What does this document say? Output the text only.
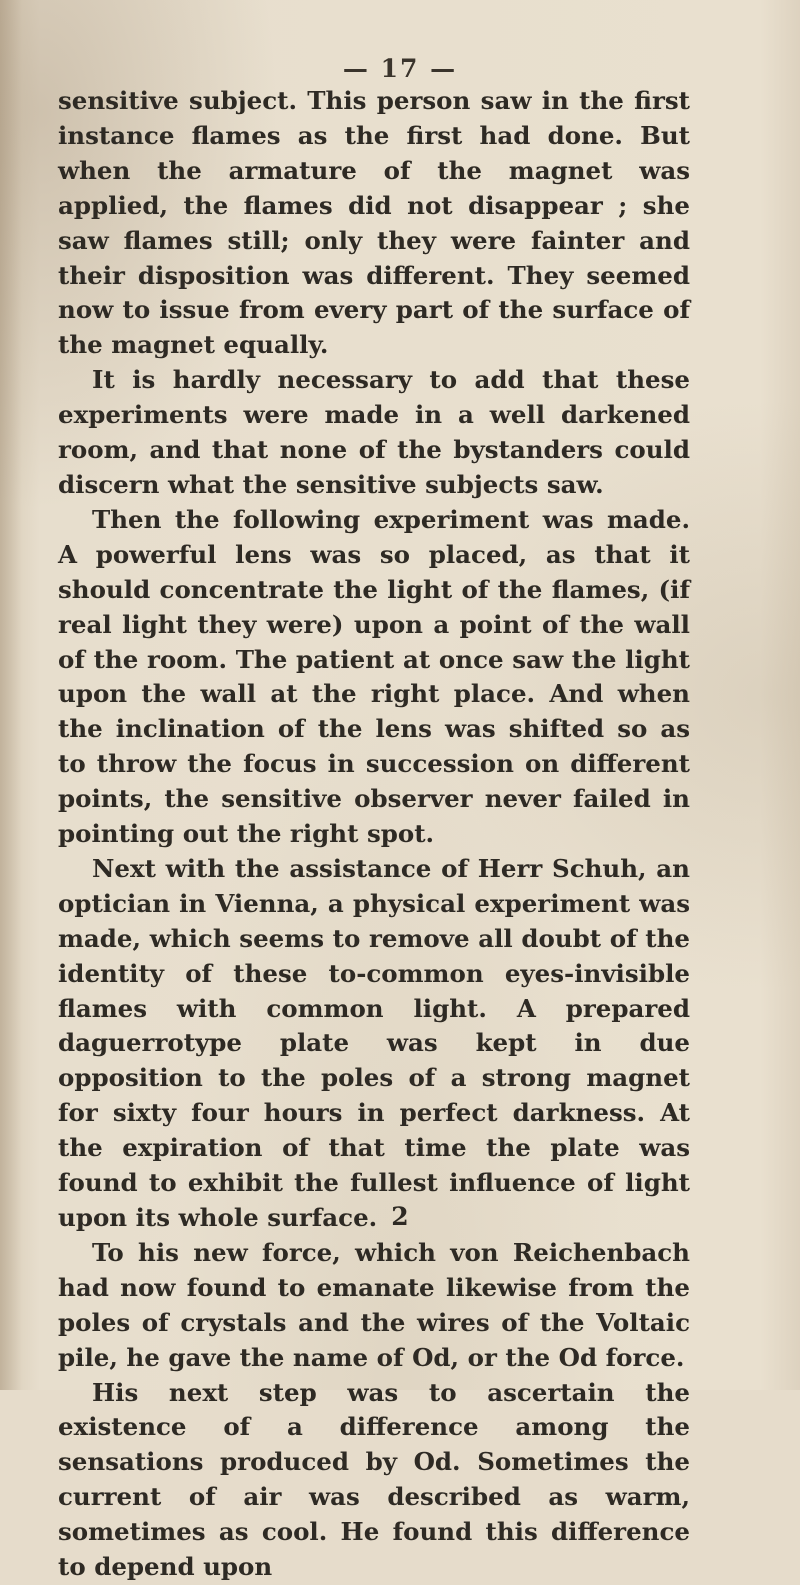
— 17 —

sensitive subject. This person saw in the first instance flames as the first had done. But when the armature of the magnet was applied, the flames did not disappear ; she saw flames still; only they were fainter and their disposition was different. They seemed now to issue from every part of the surface of the magnet equally.

It is hardly necessary to add that these experiments were made in a well darkened room, and that none of the bystanders could discern what the sensitive subjects saw.

Then the following experiment was made. A powerful lens was so placed, as that it should concentrate the light of the flames, (if real light they were) upon a point of the wall of the room. The patient at once saw the light upon the wall at the right place. And when the inclination of the lens was shifted so as to throw the focus in succession on different points, the sensitive observer never failed in pointing out the right spot.

Next with the assistance of Herr Schuh, an optician in Vienna, a physical experiment was made, which seems to remove all doubt of the identity of these to-common eyes-invisible flames with common light. A prepared daguerrotype plate was kept in due opposition to the poles of a strong magnet for sixty four hours in perfect darkness. At the expiration of that time the plate was found to exhibit the fullest influence of light upon its whole surface.

To his new force, which von Reichenbach had now found to emanate likewise from the poles of crystals and the wires of the Voltaic pile, he gave the name of Od, or the Od force.

His next step was to ascertain the existence of a difference among the sensations produced by Od. Sometimes the current of air was described as warm, sometimes as cool. He found this difference to depend upon

2
